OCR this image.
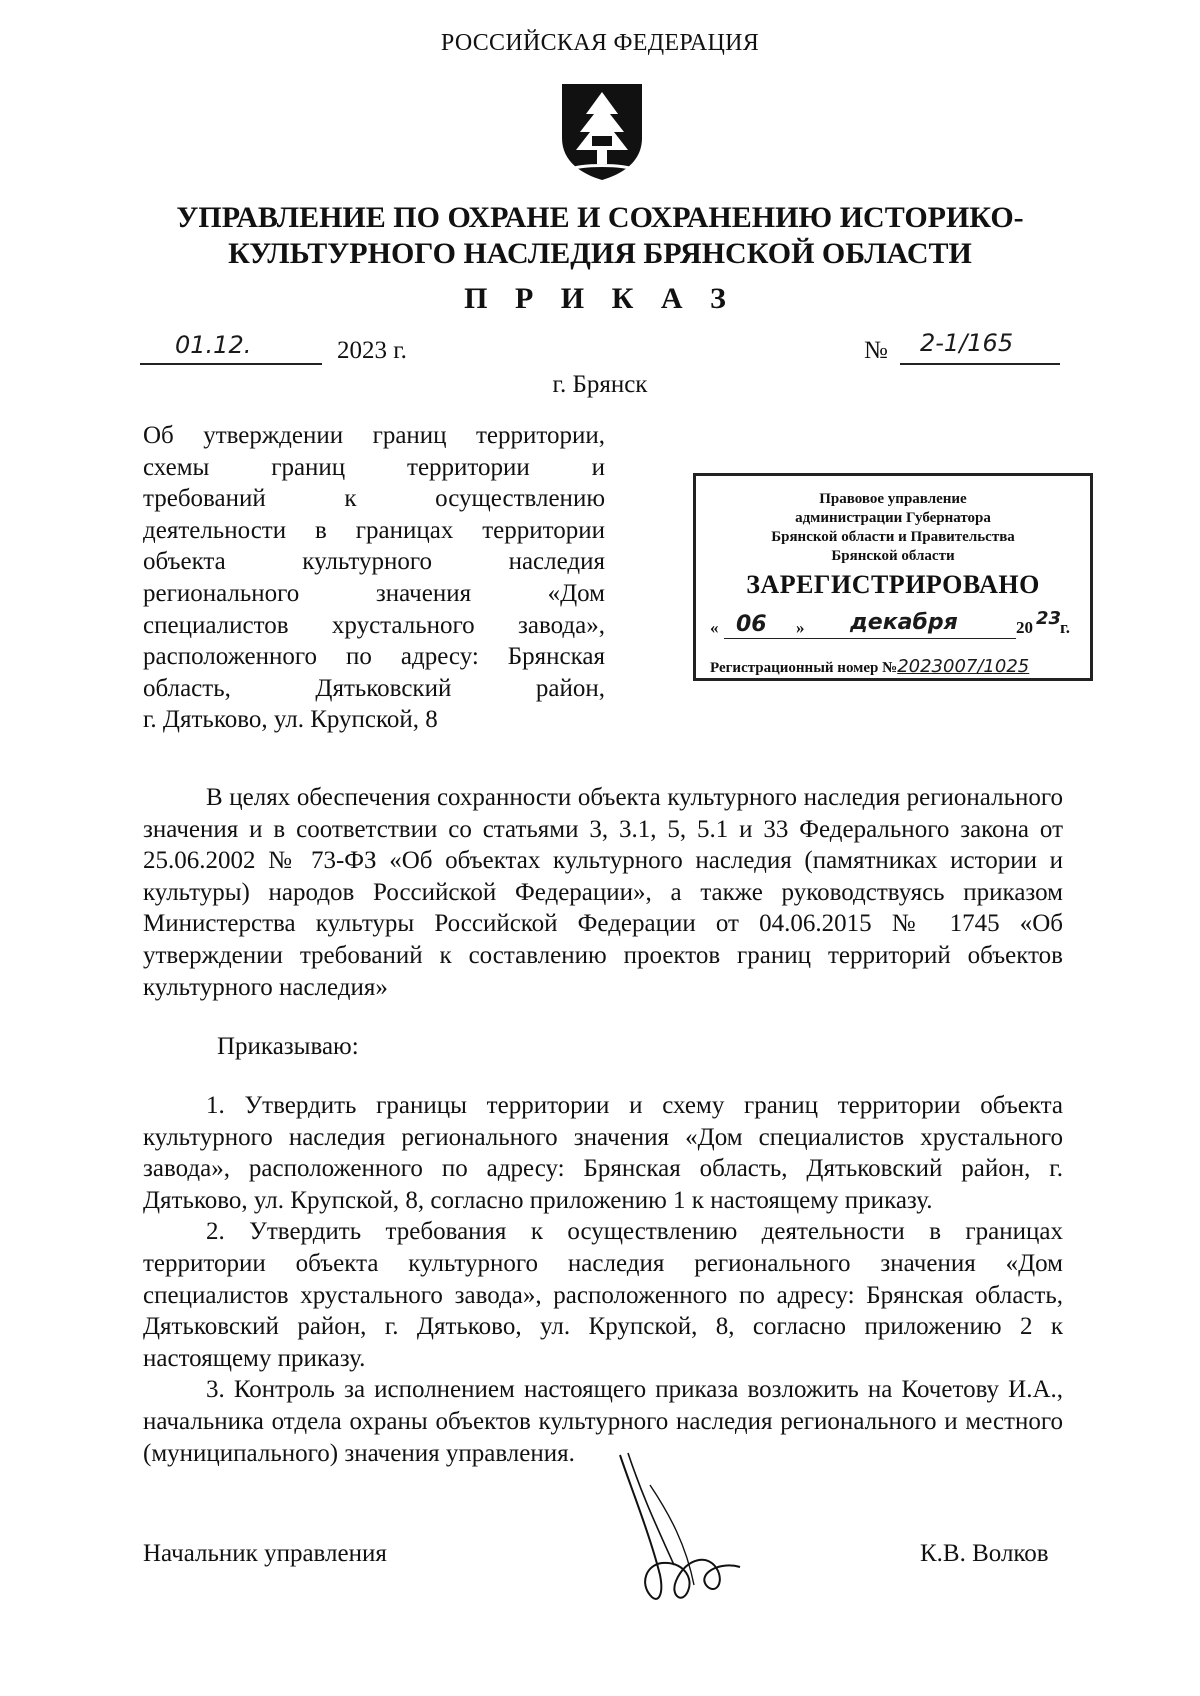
РОССИЙСКАЯ ФЕДЕРАЦИЯ
УПРАВЛЕНИЕ ПО ОХРАНЕ И СОХРАНЕНИЮ ИСТОРИКО-
КУЛЬТУРНОГО НАСЛЕДИЯ БРЯНСКОЙ ОБЛАСТИ
П Р И К А З
01.12.	2023 г.	№ 2-1/165
г. Брянск

Об утверждении границ территории,

схемы границ территории и

требований к осуществлению

деятельности в границах территории

объекта культурного наследия

регионального значения «Дом

специалистов хрустального завода»,

расположенного по адресу: Брянская

область, Дятьковский район,

г. Дятьково, ул. Крупской, 8

Правовое управление
администрации Губернатора
Брянской области и Правительства
Брянской области
ЗАРЕГИСТРИРОВАНО
« 06 » декабря	20 23
г.
Регистрационный номер №2023007/1025

В целях обеспечения сохранности объекта культурного наследия регионального значения и в соответствии со статьями 3, 3.1, 5, 5.1 и 33 Федерального закона от 25.06.2002 № 73-ФЗ «Об объектах культурного наследия (памятниках истории и культуры) народов Российской Федерации», а также руководствуясь приказом Министерства культуры Российской Федерации от 04.06.2015 № 1745 «Об утверждении требований к составлению проектов границ территорий объектов культурного наследия»

Приказываю:

1. Утвердить границы территории и схему границ территории объекта культурного наследия регионального значения «Дом специалистов хрустального завода», расположенного по адресу: Брянская область, Дятьковский район, г. Дятьково, ул. Крупской, 8, согласно приложению 1 к настоящему приказу.

2. Утвердить требования к осуществлению деятельности в границах территории объекта культурного наследия регионального значения «Дом специалистов хрустального завода», расположенного по адресу: Брянская область, Дятьковский район, г. Дятьково, ул. Крупской, 8, согласно приложению 2 к настоящему приказу.

3. Контроль за исполнением настоящего приказа возложить на Кочетову И.А., начальника отдела охраны объектов культурного наследия регионального и местного (муниципального) значения управления.

Начальник управления	К.В. Волков
